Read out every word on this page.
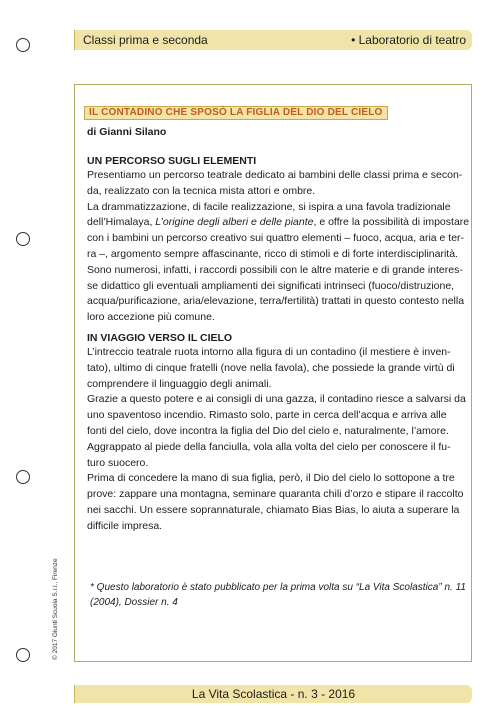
Classi prima e seconda	• Laboratorio di teatro
IL CONTADINO CHE SPOSÒ LA FIGLIA DEL DIO DEL CIELO
di Gianni Silano
UN PERCORSO SUGLI ELEMENTI
Presentiamo un percorso teatrale dedicato ai bambini delle classi prima e secon-
da, realizzato con la tecnica mista attori e ombre.
La drammatizzazione, di facile realizzazione, si ispira a una favola tradizionale
dell’Himalaya, L’origine degli alberi e delle piante, e offre la possibilità di impostare
con i bambini un percorso creativo sui quattro elementi – fuoco, acqua, aria e ter-
ra –, argomento sempre affascinante, ricco di stimoli e di forte interdisciplinarità.
Sono numerosi, infatti, i raccordi possibili con le altre materie e di grande interes-
se didattico gli eventuali ampliamenti dei significati intrinseci (fuoco/distruzione,
acqua/purificazione, aria/elevazione, terra/fertilità) trattati in questo contesto nella
loro accezione più comune.
IN VIAGGIO VERSO IL CIELO
L’intreccio teatrale ruota intorno alla figura di un contadino (il mestiere è inven-
tato), ultimo di cinque fratelli (nove nella favola), che possiede la grande virtù di
comprendere il linguaggio degli animali.
Grazie a questo potere e ai consigli di una gazza, il contadino riesce a salvarsi da
uno spaventoso incendio. Rimasto solo, parte in cerca dell’acqua e arriva alle
fonti del cielo, dove incontra la figlia del Dio del cielo e, naturalmente, l’amore.
Aggrappato al piede della fanciulla, vola alla volta del cielo per conoscere il fu-
turo suocero.
Prima di concedere la mano di sua figlia, però, il Dio del cielo lo sottopone a tre
prove: zappare una montagna, seminare quaranta chili d’orzo e stipare il raccolto
nei sacchi. Un essere soprannaturale, chiamato Bias Bias, lo aiuta a superare la
difficile impresa.
* Questo laboratorio è stato pubblicato per la prima volta su “La Vita Scolastica” n. 11
(2004), Dossier n. 4
© 2017 Giunti Scuola S.r.l., Firenze
La Vita Scolastica - n. 3 - 2016
